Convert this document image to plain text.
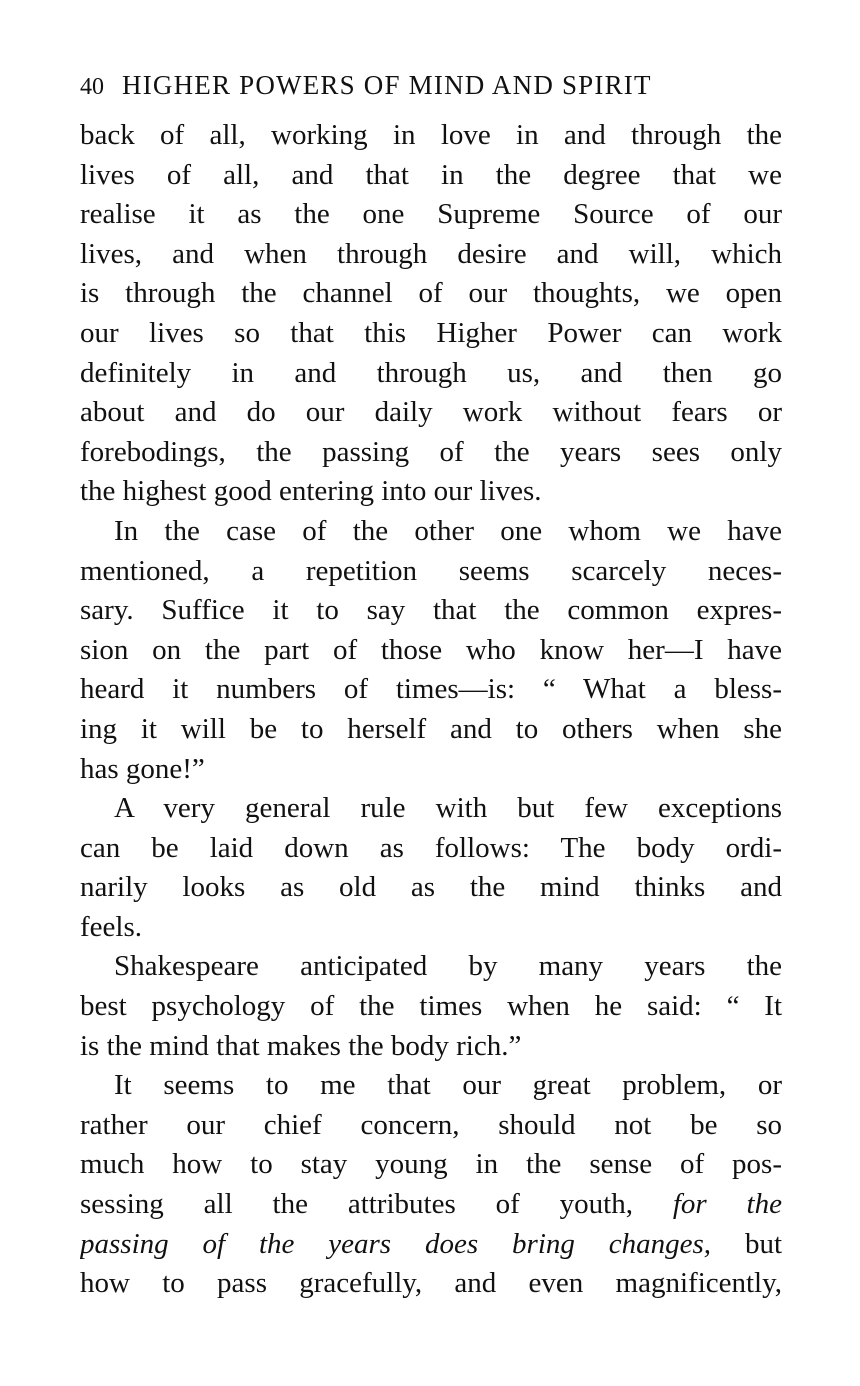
40 HIGHER POWERS OF MIND AND SPIRIT
back of all, working in love in and through the
lives of all, and that in the degree that we
realise it as the one Supreme Source of our
lives, and when through desire and will, which
is through the channel of our thoughts, we open
our lives so that this Higher Power can work
definitely in and through us, and then go
about and do our daily work without fears or
forebodings, the passing of the years sees only
the highest good entering into our lives.
In the case of the other one whom we have
mentioned, a repetition seems scarcely neces-
sary. Suffice it to say that the common expres-
sion on the part of those who know her—I have
heard it numbers of times—is: “ What a bless-
ing it will be to herself and to others when she
has gone!”
A very general rule with but few exceptions
can be laid down as follows: The body ordi-
narily looks as old as the mind thinks and
feels.
Shakespeare anticipated by many years the
best psychology of the times when he said: “ It
is the mind that makes the body rich.”
It seems to me that our great problem, or
rather our chief concern, should not be so
much how to stay young in the sense of pos-
sessing all the attributes of youth, for the
passing of the years does bring changes, but
how to pass gracefully, and even magnificently,
